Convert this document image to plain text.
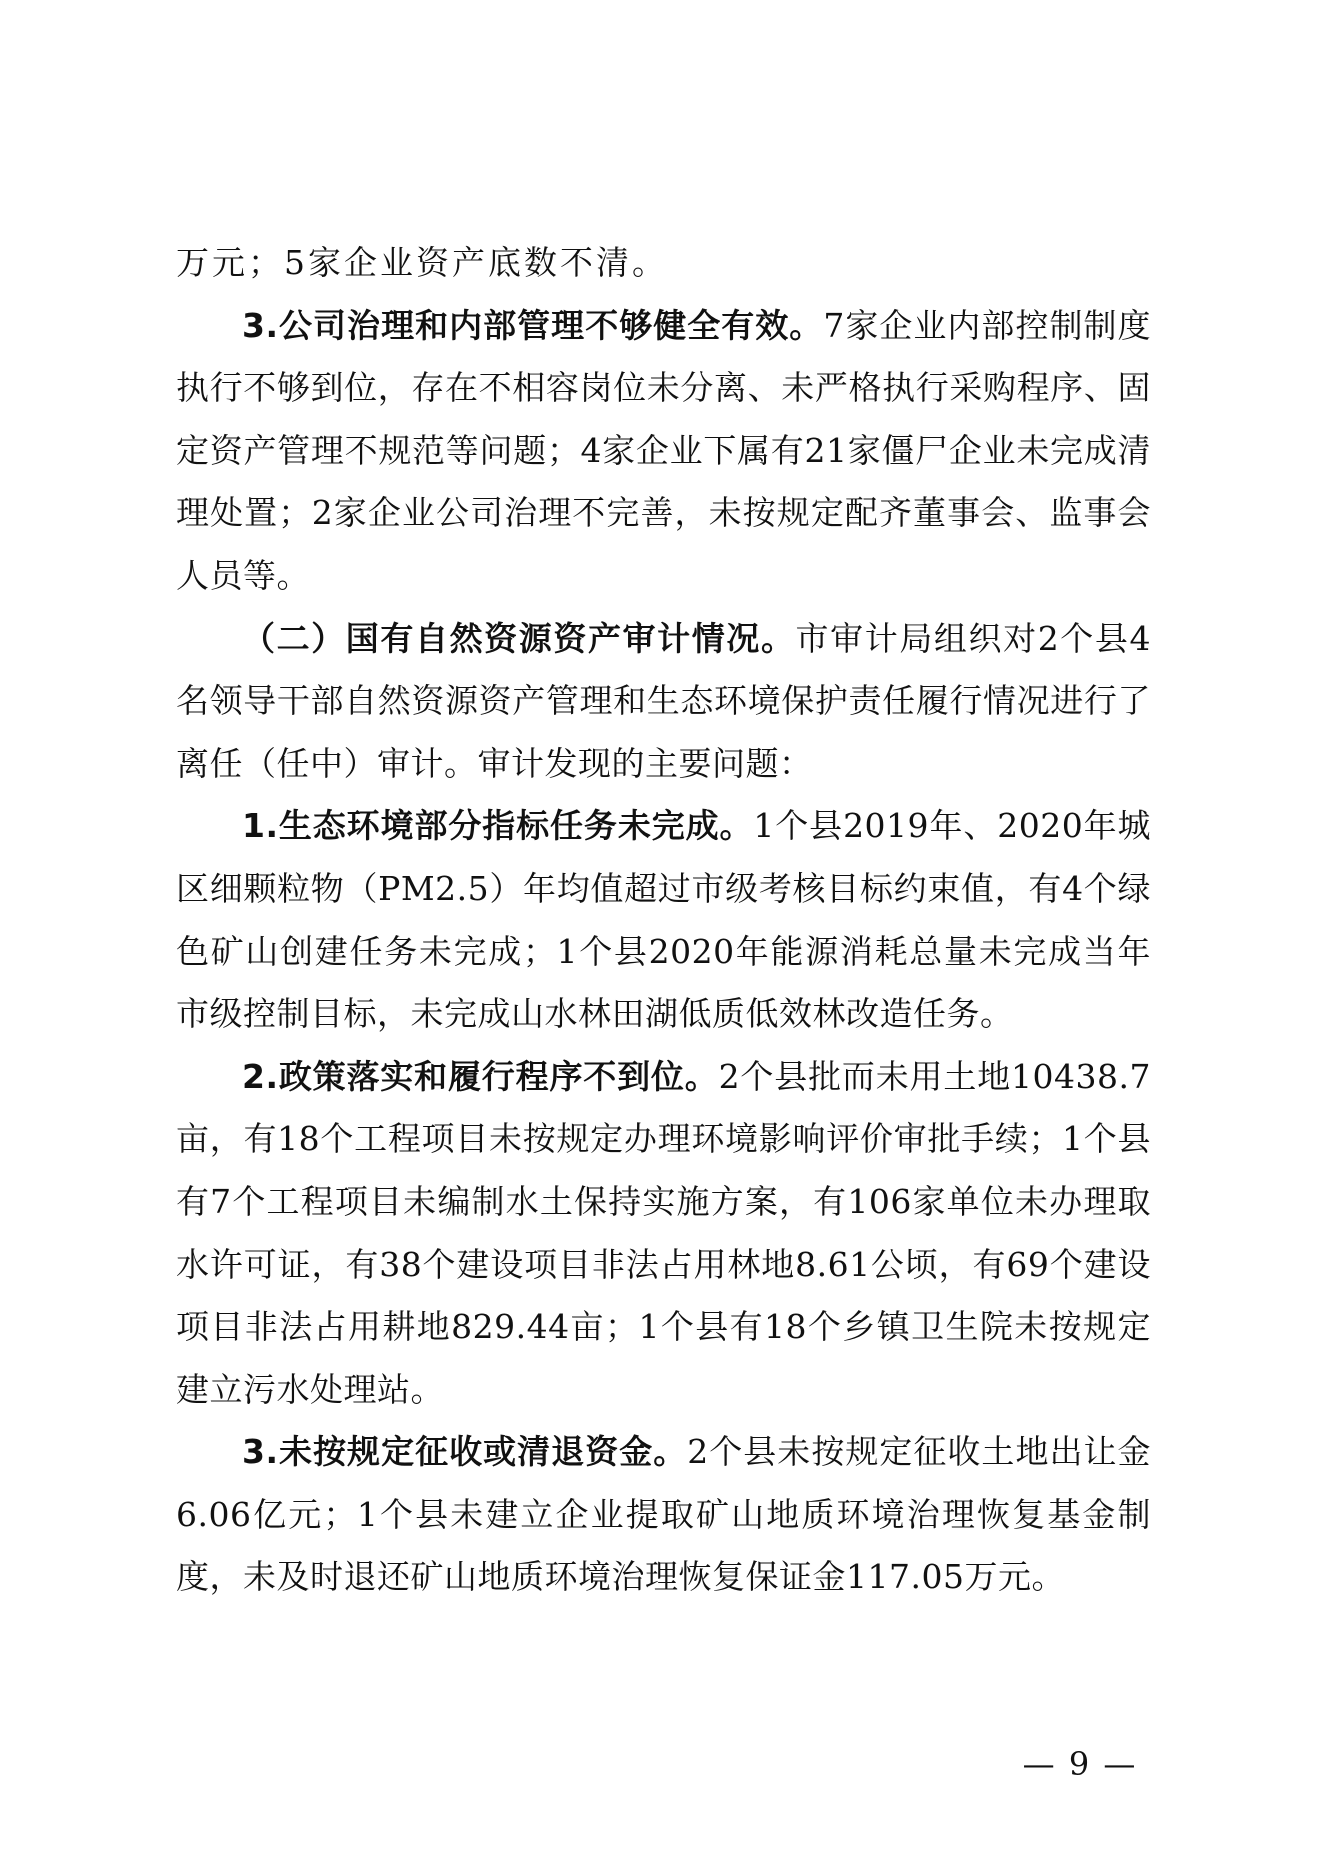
万元；5家企业资产底数不清。

3.公司治理和内部管理不够健全有效。7家企业内部控制制度执行不够到位，存在不相容岗位未分离、未严格执行采购程序、固定资产管理不规范等问题；4家企业下属有21家僵尸企业未完成清理处置；2家企业公司治理不完善，未按规定配齐董事会、监事会人员等。

（二）国有自然资源资产审计情况。市审计局组织对2个县4名领导干部自然资源资产管理和生态环境保护责任履行情况进行了离任（任中）审计。审计发现的主要问题：

1.生态环境部分指标任务未完成。1个县2019年、2020年城区细颗粒物（PM2.5）年均值超过市级考核目标约束值，有4个绿色矿山创建任务未完成；1个县2020年能源消耗总量未完成当年市级控制目标，未完成山水林田湖低质低效林改造任务。

2.政策落实和履行程序不到位。2个县批而未用土地10438.7亩，有18个工程项目未按规定办理环境影响评价审批手续；1个县有7个工程项目未编制水土保持实施方案，有106家单位未办理取水许可证，有38个建设项目非法占用林地8.61公顷，有69个建设项目非法占用耕地829.44亩；1个县有18个乡镇卫生院未按规定建立污水处理站。

3.未按规定征收或清退资金。2个县未按规定征收土地出让金6.06亿元；1个县未建立企业提取矿山地质环境治理恢复基金制度，未及时退还矿山地质环境治理恢复保证金117.05万元。

— 9 —
